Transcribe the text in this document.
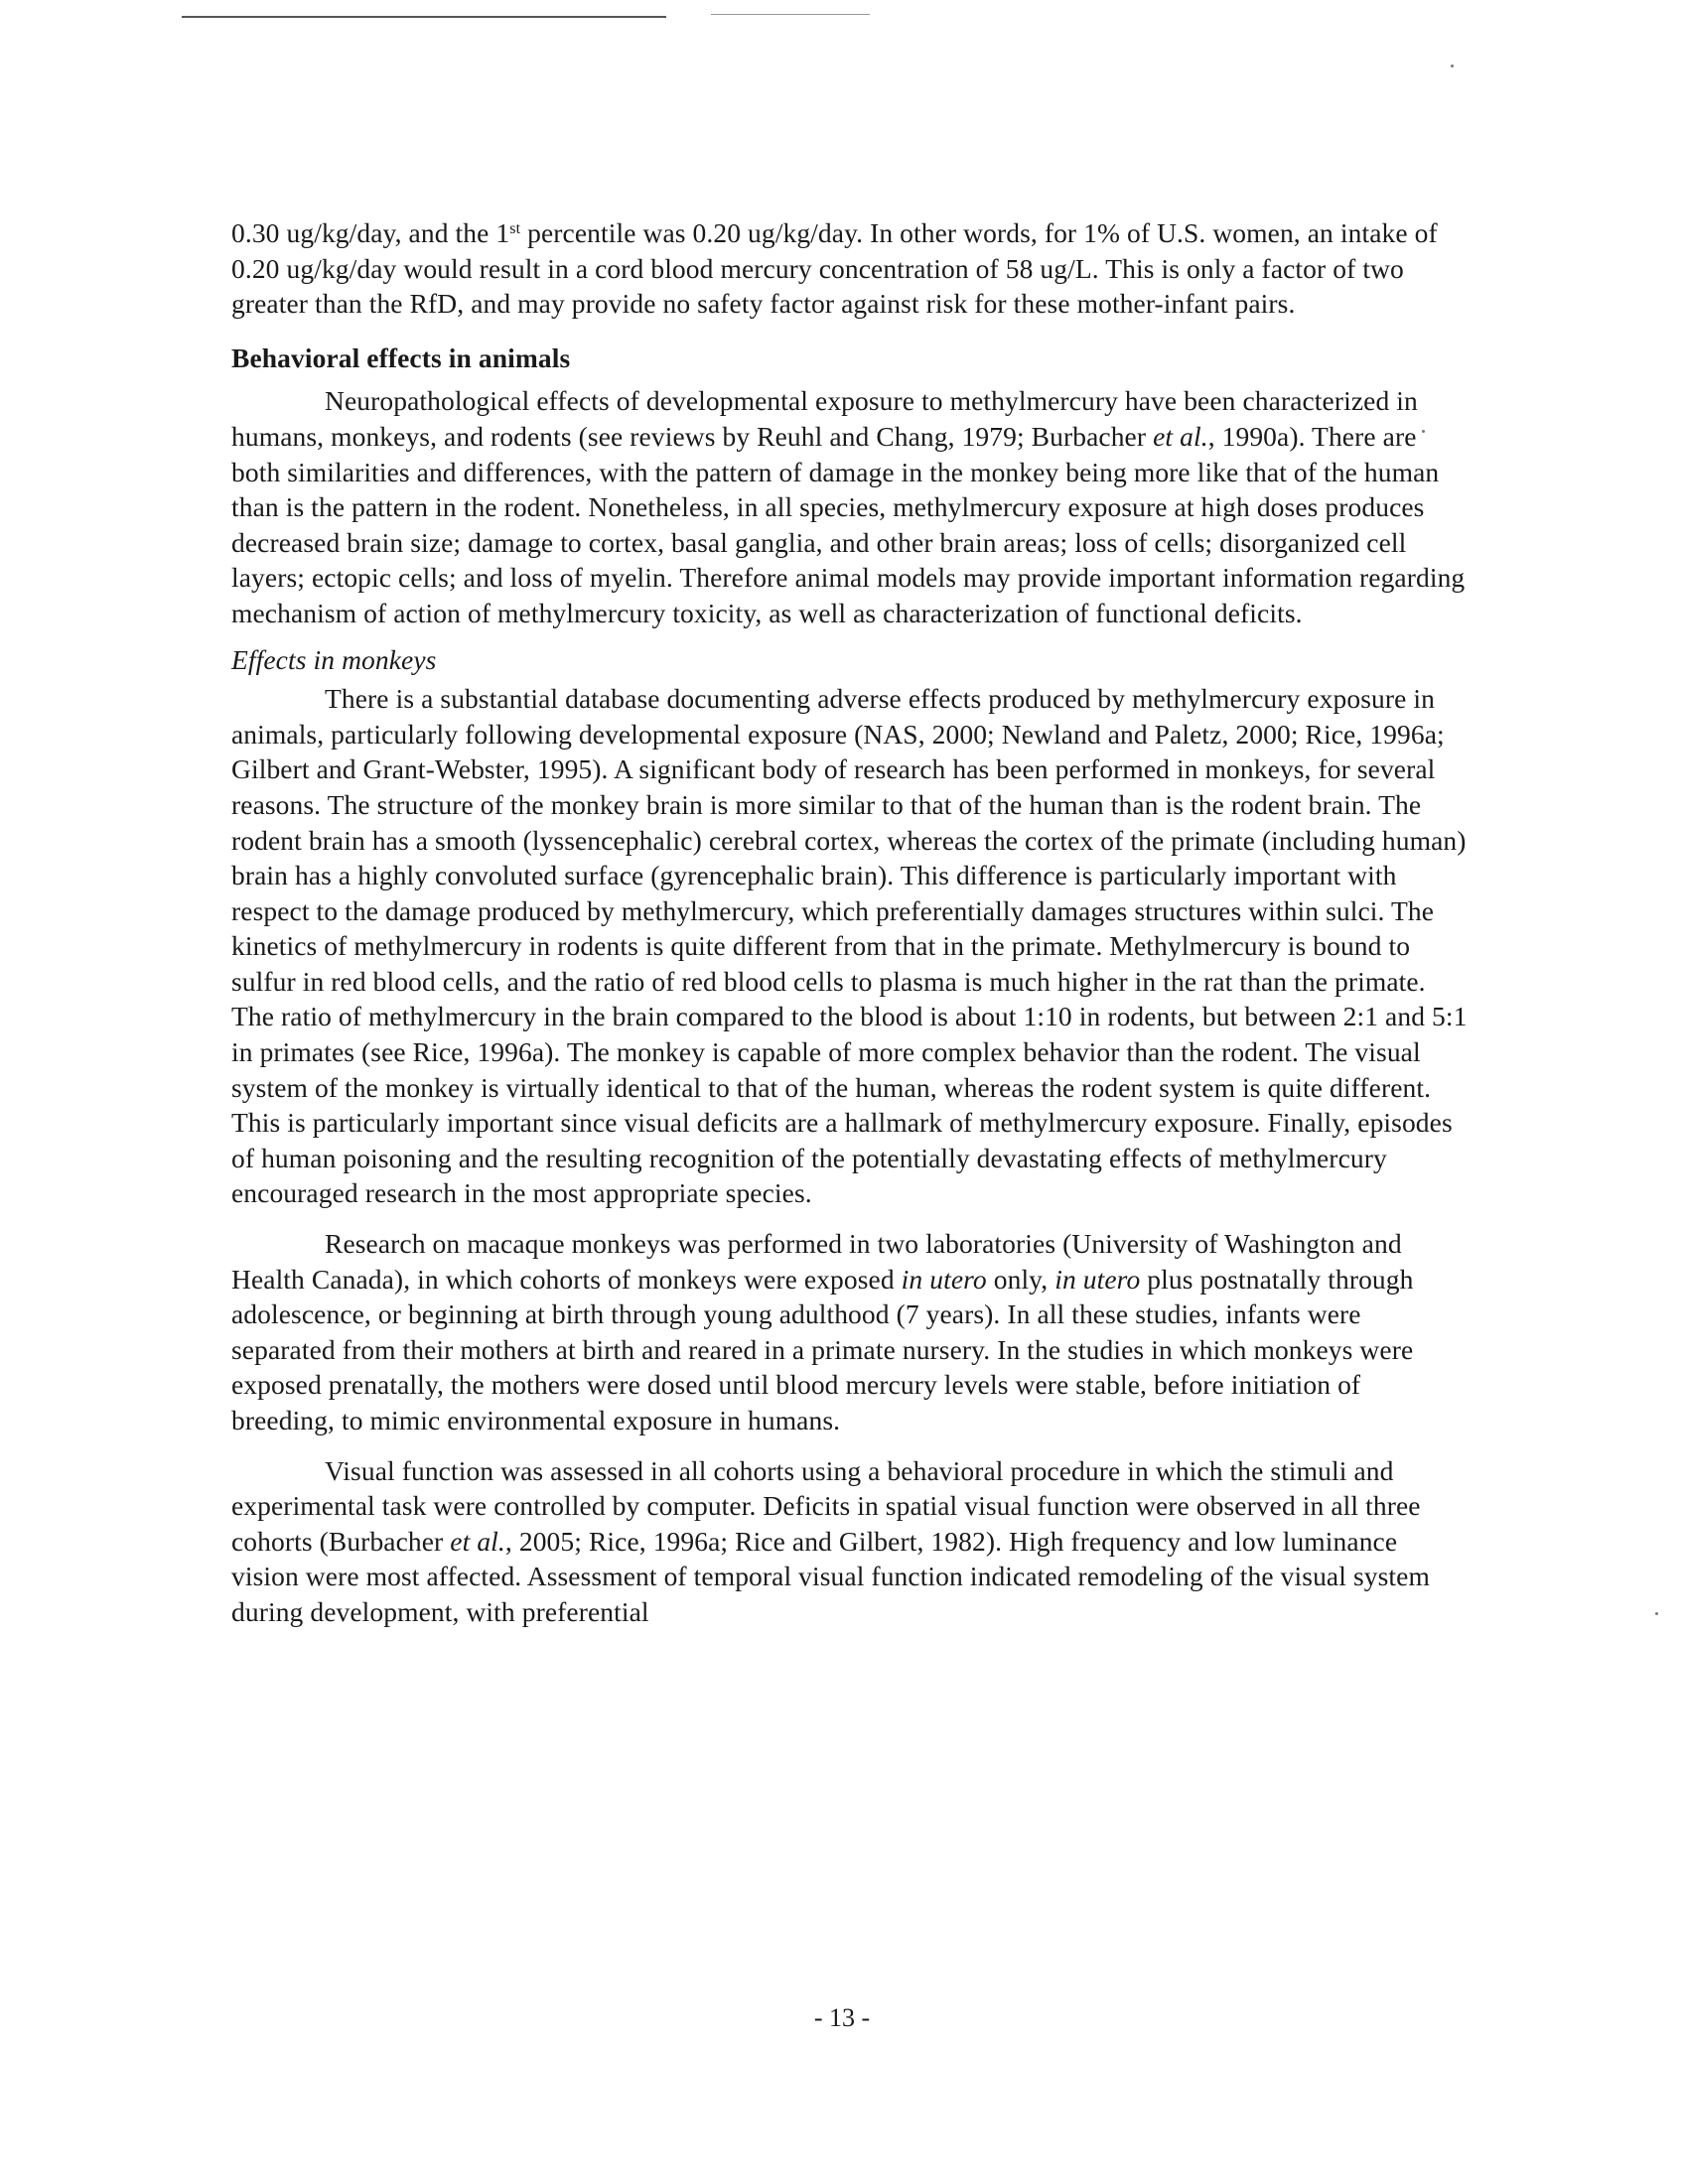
0.30 ug/kg/day, and the 1st percentile was 0.20 ug/kg/day. In other words, for 1% of U.S. women, an intake of 0.20 ug/kg/day would result in a cord blood mercury concentration of 58 ug/L. This is only a factor of two greater than the RfD, and may provide no safety factor against risk for these mother-infant pairs.

Behavioral effects in animals

Neuropathological effects of developmental exposure to methylmercury have been characterized in humans, monkeys, and rodents (see reviews by Reuhl and Chang, 1979; Burbacher et al., 1990a). There are both similarities and differences, with the pattern of damage in the monkey being more like that of the human than is the pattern in the rodent. Nonetheless, in all species, methylmercury exposure at high doses produces decreased brain size; damage to cortex, basal ganglia, and other brain areas; loss of cells; disorganized cell layers; ectopic cells; and loss of myelin. Therefore animal models may provide important information regarding mechanism of action of methylmercury toxicity, as well as characterization of functional deficits.

Effects in monkeys

There is a substantial database documenting adverse effects produced by methylmercury exposure in animals, particularly following developmental exposure (NAS, 2000; Newland and Paletz, 2000; Rice, 1996a; Gilbert and Grant-Webster, 1995). A significant body of research has been performed in monkeys, for several reasons. The structure of the monkey brain is more similar to that of the human than is the rodent brain. The rodent brain has a smooth (lyssencephalic) cerebral cortex, whereas the cortex of the primate (including human) brain has a highly convoluted surface (gyrencephalic brain). This difference is particularly important with respect to the damage produced by methylmercury, which preferentially damages structures within sulci. The kinetics of methylmercury in rodents is quite different from that in the primate. Methylmercury is bound to sulfur in red blood cells, and the ratio of red blood cells to plasma is much higher in the rat than the primate. The ratio of methylmercury in the brain compared to the blood is about 1:10 in rodents, but between 2:1 and 5:1 in primates (see Rice, 1996a). The monkey is capable of more complex behavior than the rodent. The visual system of the monkey is virtually identical to that of the human, whereas the rodent system is quite different. This is particularly important since visual deficits are a hallmark of methylmercury exposure. Finally, episodes of human poisoning and the resulting recognition of the potentially devastating effects of methylmercury encouraged research in the most appropriate species.

Research on macaque monkeys was performed in two laboratories (University of Washington and Health Canada), in which cohorts of monkeys were exposed in utero only, in utero plus postnatally through adolescence, or beginning at birth through young adulthood (7 years). In all these studies, infants were separated from their mothers at birth and reared in a primate nursery. In the studies in which monkeys were exposed prenatally, the mothers were dosed until blood mercury levels were stable, before initiation of breeding, to mimic environmental exposure in humans.

Visual function was assessed in all cohorts using a behavioral procedure in which the stimuli and experimental task were controlled by computer. Deficits in spatial visual function were observed in all three cohorts (Burbacher et al., 2005; Rice, 1996a; Rice and Gilbert, 1982). High frequency and low luminance vision were most affected. Assessment of temporal visual function indicated remodeling of the visual system during development, with preferential

- 13 -
